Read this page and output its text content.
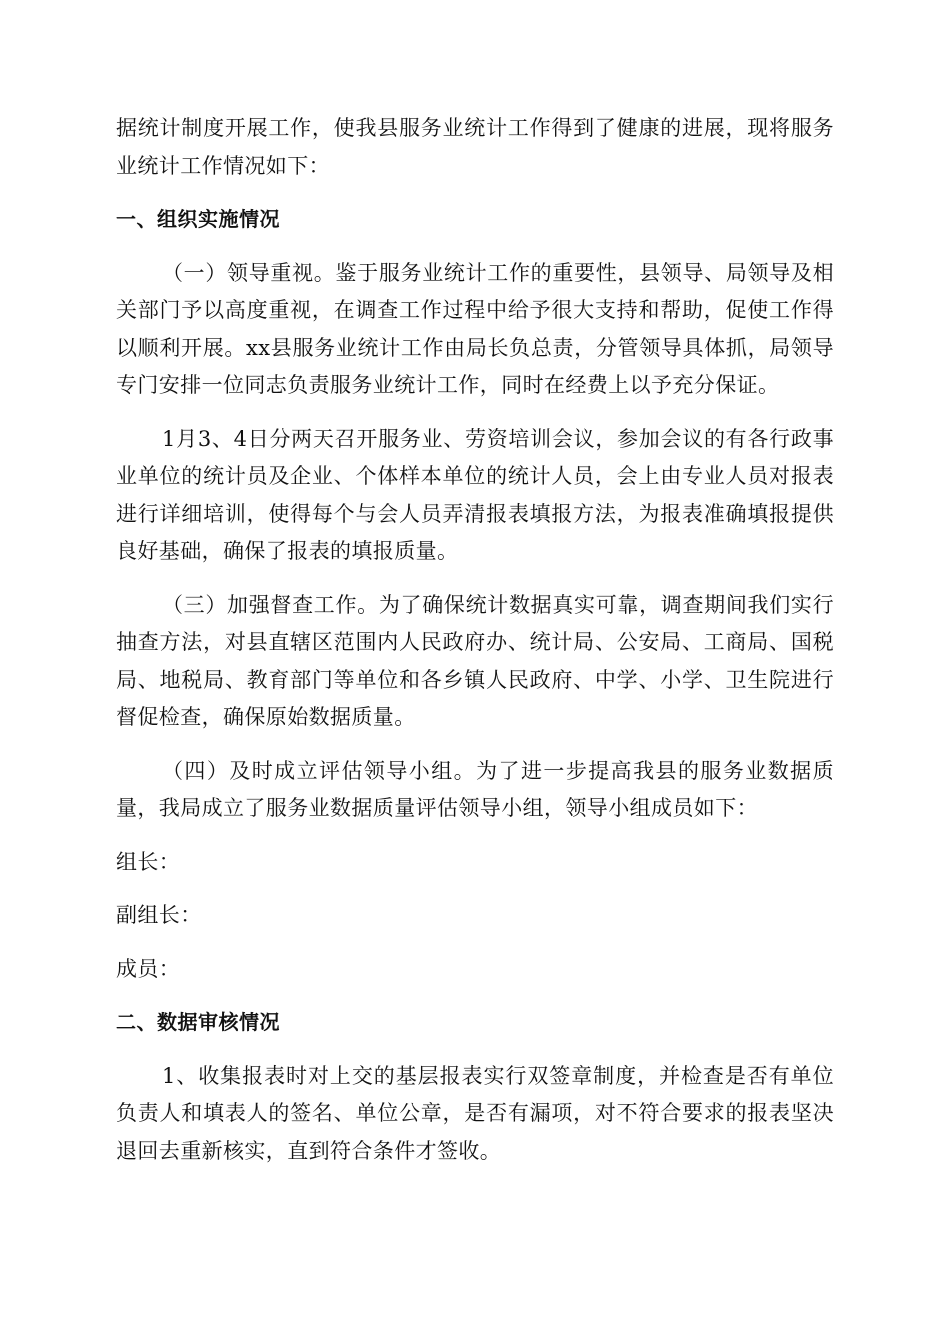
据统计制度开展工作，使我县服务业统计工作得到了健康的进展，现将服务业统计工作情况如下：

一、组织实施情况

（一）领导重视。鉴于服务业统计工作的重要性，县领导、局领导及相关部门予以高度重视，在调查工作过程中给予很大支持和帮助，促使工作得以顺利开展。xx县服务业统计工作由局长负总责，分管领导具体抓，局领导专门安排一位同志负责服务业统计工作，同时在经费上以予充分保证。

1月3、4日分两天召开服务业、劳资培训会议，参加会议的有各行政事业单位的统计员及企业、个体样本单位的统计人员，会上由专业人员对报表进行详细培训，使得每个与会人员弄清报表填报方法，为报表准确填报提供良好基础，确保了报表的填报质量。

（三）加强督查工作。为了确保统计数据真实可靠，调查期间我们实行抽查方法，对县直辖区范围内人民政府办、统计局、公安局、工商局、国税局、地税局、教育部门等单位和各乡镇人民政府、中学、小学、卫生院进行督促检查，确保原始数据质量。

（四）及时成立评估领导小组。为了进一步提高我县的服务业数据质量，我局成立了服务业数据质量评估领导小组，领导小组成员如下：

组长：

副组长：

成员：

二、数据审核情况

1、收集报表时对上交的基层报表实行双签章制度，并检查是否有单位负责人和填表人的签名、单位公章，是否有漏项，对不符合要求的报表坚决退回去重新核实，直到符合条件才签收。
